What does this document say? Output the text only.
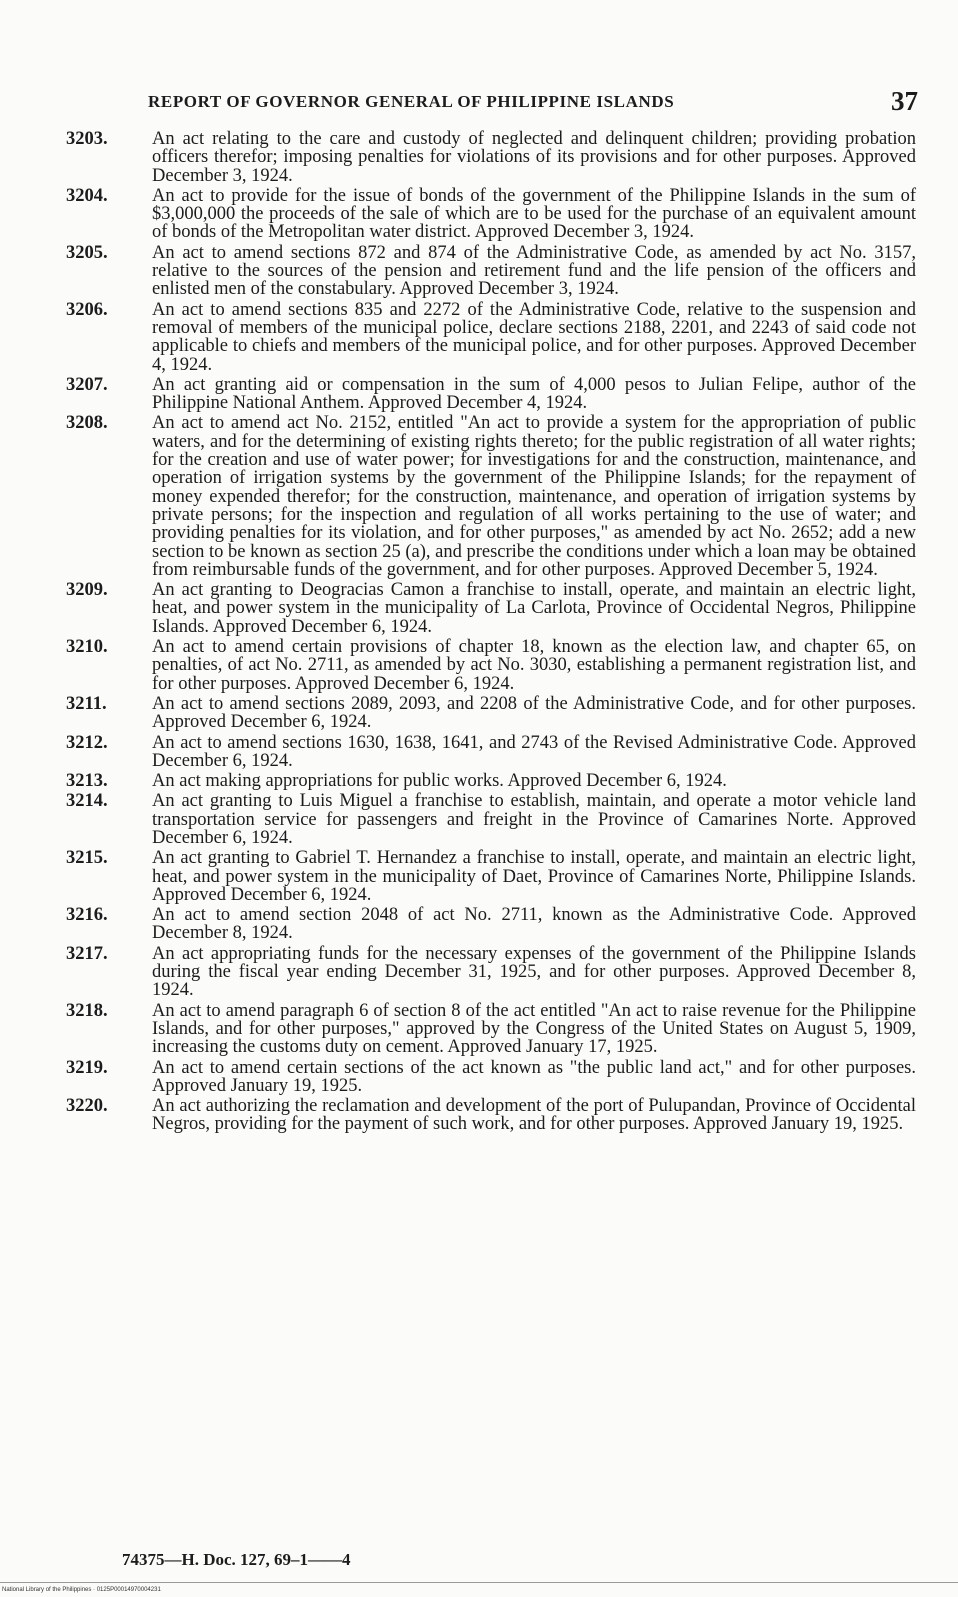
REPORT OF GOVERNOR GENERAL OF PHILIPPINE ISLANDS	37
3203.	An act relating to the care and custody of neglected and delinquent children; providing probation officers therefor; imposing penalties for violations of its provisions and for other purposes. Approved December 3, 1924.
3204.	An act to provide for the issue of bonds of the government of the Philippine Islands in the sum of $3,000,000 the proceeds of the sale of which are to be used for the purchase of an equivalent amount of bonds of the Metropolitan water district. Approved December 3, 1924.
3205.	An act to amend sections 872 and 874 of the Administrative Code, as amended by act No. 3157, relative to the sources of the pension and retirement fund and the life pension of the officers and enlisted men of the constabulary. Approved December 3, 1924.
3206.	An act to amend sections 835 and 2272 of the Administrative Code, relative to the suspension and removal of members of the municipal police, declare sections 2188, 2201, and 2243 of said code not applicable to chiefs and members of the municipal police, and for other purposes. Approved December 4, 1924.
3207.	An act granting aid or compensation in the sum of 4,000 pesos to Julian Felipe, author of the Philippine National Anthem. Approved December 4, 1924.
3208.	An act to amend act No. 2152, entitled "An act to provide a system for the appropriation of public waters, and for the determining of existing rights thereto; for the public registration of all water rights; for the creation and use of water power; for investigations for and the construction, maintenance, and operation of irrigation systems by the government of the Philippine Islands; for the repayment of money expended therefor; for the construction, maintenance, and operation of irrigation systems by private persons; for the inspection and regulation of all works pertaining to the use of water; and providing penalties for its violation, and for other purposes," as amended by act No. 2652; add a new section to be known as section 25 (a), and prescribe the conditions under which a loan may be obtained from reimbursable funds of the government, and for other purposes. Approved December 5, 1924.
3209.	An act granting to Deogracias Camon a franchise to install, operate, and maintain an electric light, heat, and power system in the municipality of La Carlota, Province of Occidental Negros, Philippine Islands. Approved December 6, 1924.
3210.	An act to amend certain provisions of chapter 18, known as the election law, and chapter 65, on penalties, of act No. 2711, as amended by act No. 3030, establishing a permanent registration list, and for other purposes. Approved December 6, 1924.
3211.	An act to amend sections 2089, 2093, and 2208 of the Administrative Code, and for other purposes. Approved December 6, 1924.
3212.	An act to amend sections 1630, 1638, 1641, and 2743 of the Revised Administrative Code. Approved December 6, 1924.
3213.	An act making appropriations for public works. Approved December 6, 1924.
3214.	An act granting to Luis Miguel a franchise to establish, maintain, and operate a motor vehicle land transportation service for passengers and freight in the Province of Camarines Norte. Approved December 6, 1924.
3215.	An act granting to Gabriel T. Hernandez a franchise to install, operate, and maintain an electric light, heat, and power system in the municipality of Daet, Province of Camarines Norte, Philippine Islands. Approved December 6, 1924.
3216.	An act to amend section 2048 of act No. 2711, known as the Administrative Code. Approved December 8, 1924.
3217.	An act appropriating funds for the necessary expenses of the government of the Philippine Islands during the fiscal year ending December 31, 1925, and for other purposes. Approved December 8, 1924.
3218.	An act to amend paragraph 6 of section 8 of the act entitled "An act to raise revenue for the Philippine Islands, and for other purposes," approved by the Congress of the United States on August 5, 1909, increasing the customs duty on cement. Approved January 17, 1925.
3219.	An act to amend certain sections of the act known as "the public land act," and for other purposes. Approved January 19, 1925.
3220.	An act authorizing the reclamation and development of the port of Pulupandan, Province of Occidental Negros, providing for the payment of such work, and for other purposes. Approved January 19, 1925.
74375—H. Doc. 127, 69–1——4
National Library of the Philippines · 0125P00014970004231
